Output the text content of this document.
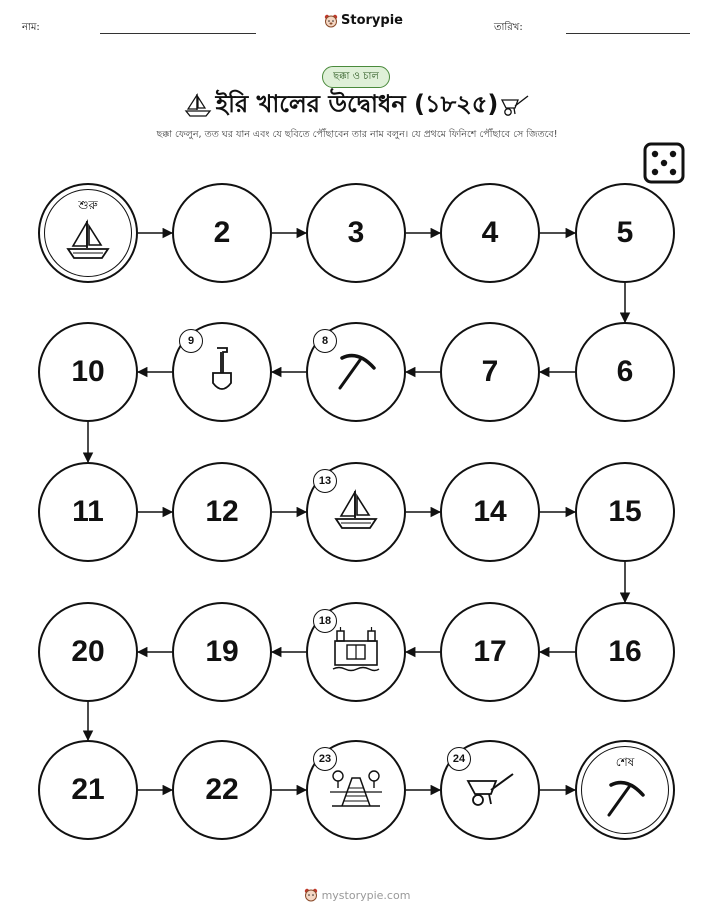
নাম:	Storypie	তারিখ:
ছক্কা ও চাল
ইরি খালের উদ্বোধন (১৮২৫)
ছক্কা ফেলুন, তত ঘর যান এবং যে ছবিতে পৌঁছাবেন তার নাম বলুন। যে প্রথমে ফিনিশে পৌঁছাবে সে জিতবে!
শুরু
2	3	4	5
6
7
8
9
10
11	12
13
14	15
16
17
18
19
20
21	22
23	24	শেষ
mystorypie.com
